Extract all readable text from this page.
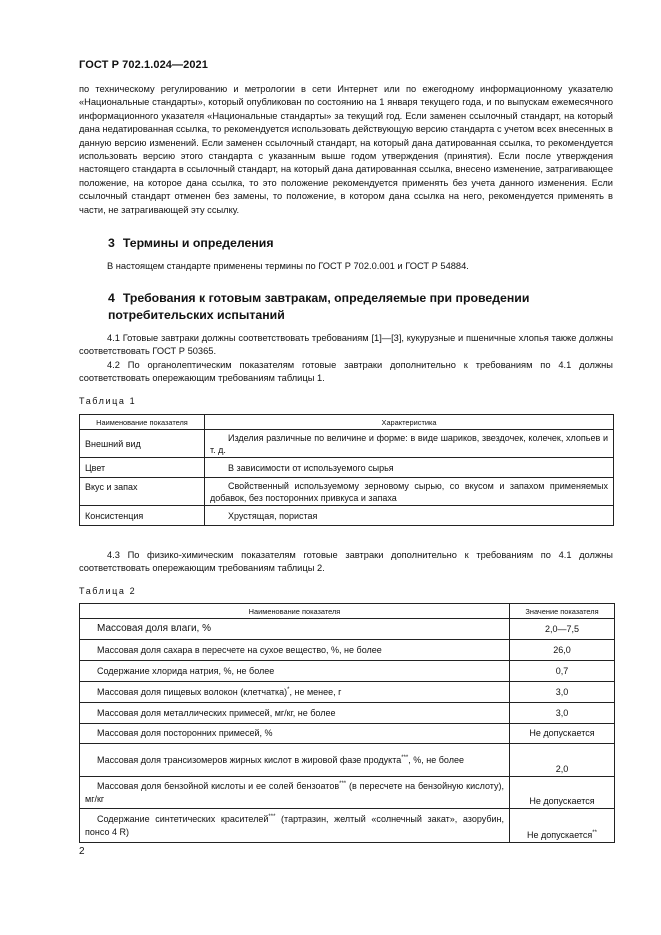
ГОСТ Р 702.1.024—2021

по техническому регулированию и метрологии в сети Интернет или по ежегодному информационному указателю «Национальные стандарты», который опубликован по состоянию на 1 января текущего года, и по выпускам ежемесячного информационного указателя «Национальные стандарты» за текущий год. Если заменен ссылочный стандарт, на который дана недатированная ссылка, то рекомендуется использовать действующую версию стандарта с учетом всех внесенных в данную версию изменений. Если заменен ссылочный стандарт, на который дана датированная ссылка, то рекомендуется использовать версию этого стандарта с указанным выше годом утверждения (принятия). Если после утверждения настоящего стандарта в ссылочный стандарт, на который дана датированная ссылка, внесено изменение, затрагивающее положение, на которое дана ссылка, то это положение рекомендуется применять без учета данного изменения. Если ссылочный стандарт отменен без замены, то положение, в котором дана ссылка на него, рекомендуется применять в части, не затрагивающей эту ссылку.

3 Термины и определения

В настоящем стандарте применены термины по ГОСТ Р 702.0.001 и ГОСТ Р 54884.

4 Требования к готовым завтракам, определяемые при проведении потребительских испытаний

4.1 Готовые завтраки должны соответствовать требованиям [1]—[3], кукурузные и пшеничные хлопья также должны соответствовать ГОСТ Р 50365.

4.2 По органолептическим показателям готовые завтраки дополнительно к требованиям по 4.1 должны соответствовать опережающим требованиям таблицы 1.

Таблица 1
Наименование показателя	Характеристика
Внешний вид	Изделия различные по величине и форме: в виде шариков, звездочек, колечек, хлопьев и т. д.
Цвет	В зависимости от используемого сырья
Вкус и запах	Свойственный используемому зерновому сырью, со вкусом и запахом применяемых добавок, без посторонних привкуса и запаха
Консистенция	Хрустящая, пористая

4.3 По физико-химическим показателям готовые завтраки дополнительно к требованиям по 4.1 должны соответствовать опережающим требованиям таблицы 2.

Таблица 2
Наименование показателя	Значение показателя
Массовая доля влаги, %	2,0—7,5
Массовая доля сахара в пересчете на сухое вещество, %, не более	26,0
Содержание хлорида натрия, %, не более	0,7
Массовая доля пищевых волокон (клетчатка)*, не менее, г	3,0
Массовая доля металлических примесей, мг/кг, не более	3,0
Массовая доля посторонних примесей, %	Не допускается
Массовая доля трансизомеров жирных кислот в жировой фазе продукта***, %, не более	2,0
Массовая доля бензойной кислоты и ее солей бензоатов*** (в пересчете на бензойную кислоту), мг/кг	Не допускается
Содержание синтетических красителей*** (тартразин, желтый «солнечный закат», азорубин, понсо 4 R)	Не допускается**
2
